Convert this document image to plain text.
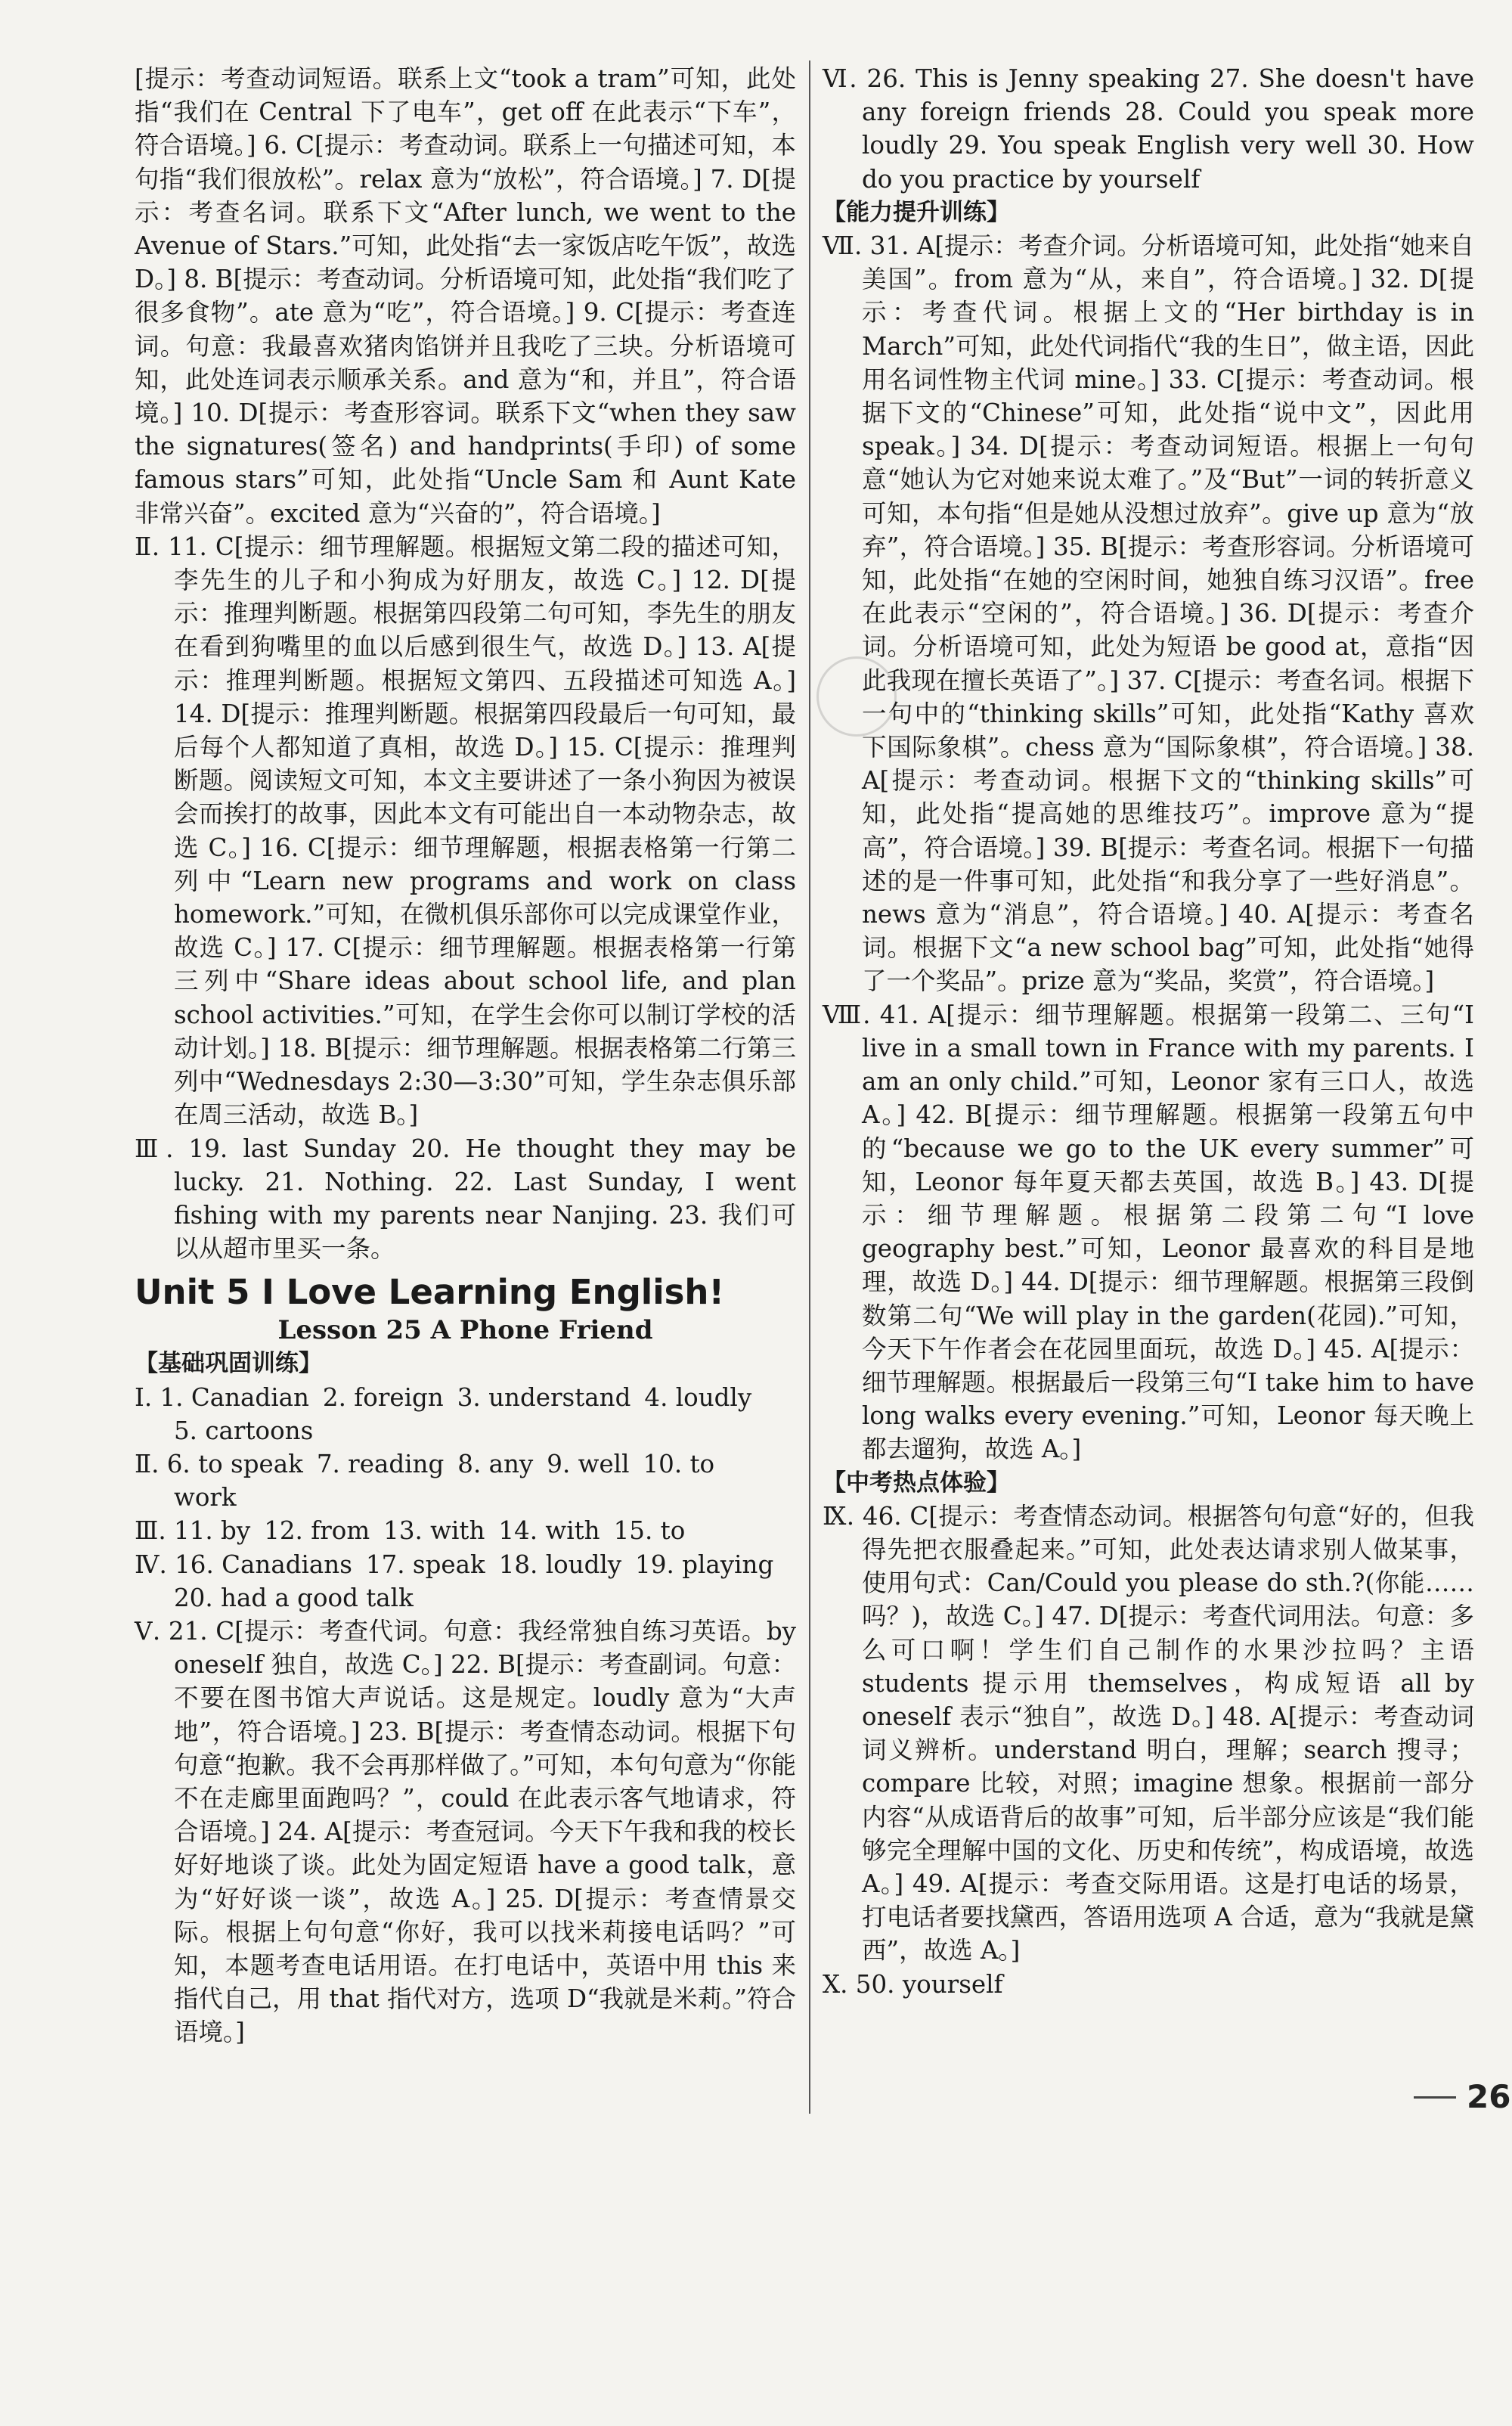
[提示：考查动词短语。联系上文“took a tram”可知，此处指“我们在 Central 下了电车”，get off 在此表示“下车”，符合语境。] 6. C[提示：考查动词。联系上一句描述可知，本句指“我们很放松”。relax 意为“放松”，符合语境。] 7. D[提示：考查名词。联系下文“After lunch, we went to the Avenue of Stars.”可知，此处指“去一家饭店吃午饭”，故选 D。] 8. B[提示：考查动词。分析语境可知，此处指“我们吃了很多食物”。ate 意为“吃”，符合语境。] 9. C[提示：考查连词。句意：我最喜欢猪肉馅饼并且我吃了三块。分析语境可知，此处连词表示顺承关系。and 意为“和，并且”，符合语境。] 10. D[提示：考查形容词。联系下文“when they saw the signatures(签名) and handprints(手印) of some famous stars”可知，此处指“Uncle Sam 和 Aunt Kate 非常兴奋”。excited 意为“兴奋的”，符合语境。]

Ⅱ. 11. C[提示：细节理解题。根据短文第二段的描述可知，李先生的儿子和小狗成为好朋友，故选 C。] 12. D[提示：推理判断题。根据第四段第二句可知，李先生的朋友在看到狗嘴里的血以后感到很生气，故选 D。] 13. A[提示：推理判断题。根据短文第四、五段描述可知选 A。] 14. D[提示：推理判断题。根据第四段最后一句可知，最后每个人都知道了真相，故选 D。] 15. C[提示：推理判断题。阅读短文可知，本文主要讲述了一条小狗因为被误会而挨打的故事，因此本文有可能出自一本动物杂志，故选 C。] 16. C[提示：细节理解题，根据表格第一行第二列中“Learn new programs and work on class homework.”可知，在微机俱乐部你可以完成课堂作业，故选 C。] 17. C[提示：细节理解题。根据表格第一行第三列中“Share ideas about school life, and plan school activities.”可知，在学生会你可以制订学校的活动计划。] 18. B[提示：细节理解题。根据表格第二行第三列中“Wednesdays 2:30—3:30”可知，学生杂志俱乐部在周三活动，故选 B。]

Ⅲ. 19. last Sunday 20. He thought they may be lucky. 21. Nothing. 22. Last Sunday, I went fishing with my parents near Nanjing. 23. 我们可以从超市里买一条。

Unit 5 I Love Learning English!
Lesson 25 A Phone Friend
【基础巩固训练】
Ⅰ. 1. Canadian 2. foreign 3. understand 4. loudly
5. cartoons
Ⅱ. 6. to speak 7. reading 8. any 9. well 10. to
work
Ⅲ. 11. by 12. from 13. with 14. with 15. to
Ⅳ. 16. Canadians 17. speak 18. loudly 19. playing
20. had a good talk

Ⅴ. 21. C[提示：考查代词。句意：我经常独自练习英语。by oneself 独自，故选 C。] 22. B[提示：考查副词。句意：不要在图书馆大声说话。这是规定。loudly 意为“大声地”，符合语境。] 23. B[提示：考查情态动词。根据下句句意“抱歉。我不会再那样做了。”可知，本句句意为“你能不在走廊里面跑吗？”，could 在此表示客气地请求，符合语境。] 24. A[提示：考查冠词。今天下午我和我的校长好好地谈了谈。此处为固定短语 have a good talk，意为“好好谈一谈”，故选 A。] 25. D[提示：考查情景交际。根据上句句意“你好，我可以找米莉接电话吗？”可知，本题考查电话用语。在打电话中，英语中用 this 来指代自己，用 that 指代对方，选项 D“我就是米莉。”符合语境。]

Ⅵ. 26. This is Jenny speaking 27. She doesn't have any foreign friends 28. Could you speak more loudly 29. You speak English very well 30. How do you practice by yourself

【能力提升训练】

Ⅶ. 31. A[提示：考查介词。分析语境可知，此处指“她来自美国”。from 意为“从，来自”，符合语境。] 32. D[提示：考查代词。根据上文的“Her birthday is in March”可知，此处代词指代“我的生日”，做主语，因此用名词性物主代词 mine。] 33. C[提示：考查动词。根据下文的“Chinese”可知，此处指“说中文”，因此用 speak。] 34. D[提示：考查动词短语。根据上一句句意“她认为它对她来说太难了。”及“But”一词的转折意义可知，本句指“但是她从没想过放弃”。give up 意为“放弃”，符合语境。] 35. B[提示：考查形容词。分析语境可知，此处指“在她的空闲时间，她独自练习汉语”。free 在此表示“空闲的”，符合语境。] 36. D[提示：考查介词。分析语境可知，此处为短语 be good at，意指“因此我现在擅长英语了”。] 37. C[提示：考查名词。根据下一句中的“thinking skills”可知，此处指“Kathy 喜欢下国际象棋”。chess 意为“国际象棋”，符合语境。] 38. A[提示：考查动词。根据下文的“thinking skills”可知，此处指“提高她的思维技巧”。improve 意为“提高”，符合语境。] 39. B[提示：考查名词。根据下一句描述的是一件事可知，此处指“和我分享了一些好消息”。news 意为“消息”，符合语境。] 40. A[提示：考查名词。根据下文“a new school bag”可知，此处指“她得了一个奖品”。prize 意为“奖品，奖赏”，符合语境。]

Ⅷ. 41. A[提示：细节理解题。根据第一段第二、三句“I live in a small town in France with my parents. I am an only child.”可知，Leonor 家有三口人，故选 A。] 42. B[提示：细节理解题。根据第一段第五句中的“because we go to the UK every summer”可知，Leonor 每年夏天都去英国，故选 B。] 43. D[提示：细节理解题。根据第二段第二句“I love geography best.”可知，Leonor 最喜欢的科目是地理，故选 D。] 44. D[提示：细节理解题。根据第三段倒数第二句“We will play in the garden(花园).”可知，今天下午作者会在花园里面玩，故选 D。] 45. A[提示：细节理解题。根据最后一段第三句“I take him to have long walks every evening.”可知，Leonor 每天晚上都去遛狗，故选 A。]

【中考热点体验】

Ⅸ. 46. C[提示：考查情态动词。根据答句句意“好的，但我得先把衣服叠起来。”可知，此处表达请求别人做某事，使用句式：Can/Could you please do sth.?(你能……吗？)，故选 C。] 47. D[提示：考查代词用法。句意：多么可口啊！学生们自己制作的水果沙拉吗？主语 students 提示用 themselves，构成短语 all by oneself 表示“独自”，故选 D。] 48. A[提示：考查动词词义辨析。understand 明白，理解；search 搜寻；compare 比较，对照；imagine 想象。根据前一部分内容“从成语背后的故事”可知，后半部分应该是“我们能够完全理解中国的文化、历史和传统”，构成语境，故选 A。] 49. A[提示：考查交际用语。这是打电话的场景，打电话者要找黛西，答语用选项 A 合适，意为“我就是黛西”，故选 A。]

Ⅹ. 50. yourself

26
